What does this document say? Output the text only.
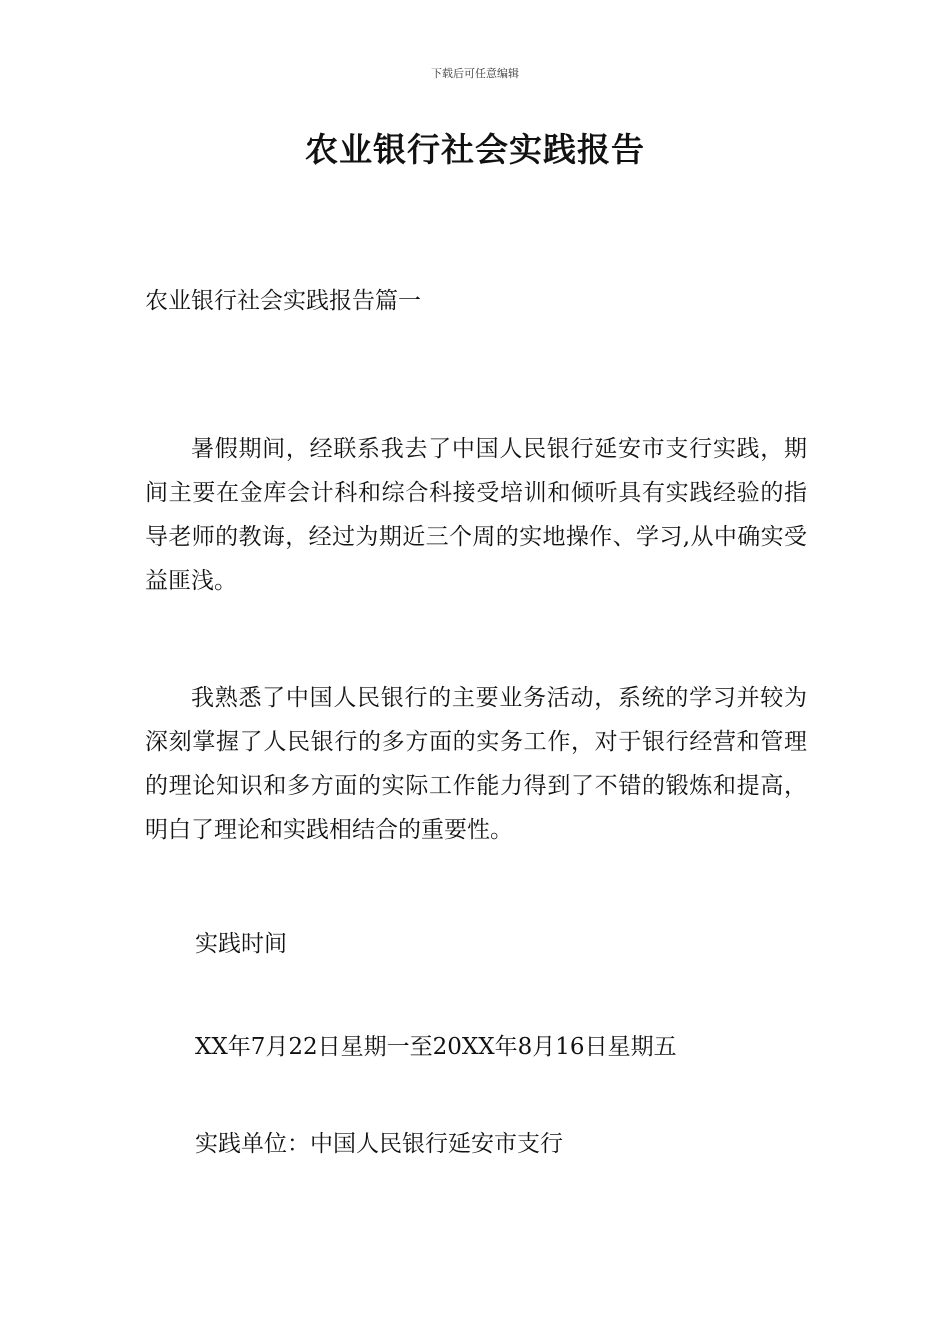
下载后可任意编辑
农业银行社会实践报告
农业银行社会实践报告篇一

暑假期间，经联系我去了中国人民银行延安市支行实践，期间主要在金库会计科和综合科接受培训和倾听具有实践经验的指导老师的教诲，经过为期近三个周的实地操作、学习,从中确实受益匪浅。

我熟悉了中国人民银行的主要业务活动，系统的学习并较为深刻掌握了人民银行的多方面的实务工作，对于银行经营和管理的理论知识和多方面的实际工作能力得到了不错的锻炼和提高，明白了理论和实践相结合的重要性。

实践时间
XX年7月22日星期一至20XX年8月16日星期五
实践单位：中国人民银行延安市支行
